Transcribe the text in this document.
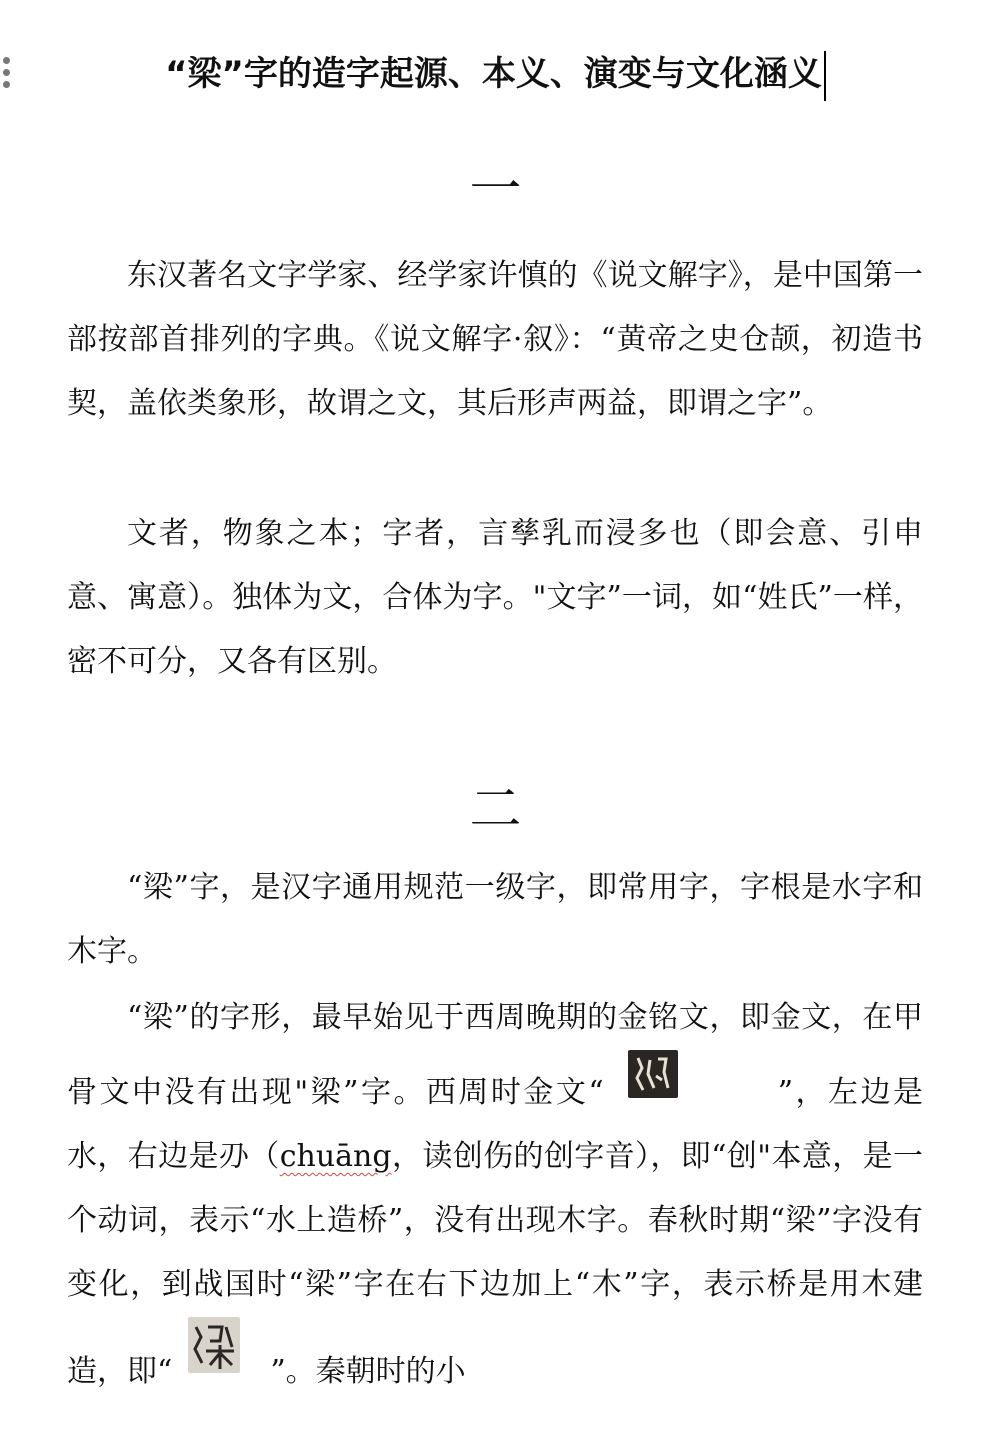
“梁”字的造字起源、本义、演变与文化涵义
一

东汉著名文字学家、经学家许慎的《说文解字》，是中国第一部按部首排列的字典。《说文解字·叙》：“黄帝之史仓颉，初造书契，盖依类象形，故谓之文，其后形声两益，即谓之字”。

文者，物象之本；字者，言孳乳而浸多也（即会意、引申意、寓意）。独体为文，合体为字。"文字”一词，如“姓氏”一样，密不可分，又各有区别。

二

“梁”字，是汉字通用规范一级字，即常用字，字根是水字和木字。

“梁”的字形，最早始见于西周晚期的金铭文，即金文，在甲骨文中没有出现"梁”字。西周时金文“	”，左边是水，右边是刅（chuāng，读创伤的创字音），即“创"本意，是一个动词，表示“水上造桥”，没有出现木字。春秋时期“梁”字没有变化，到战国时“梁”字在右下边加上“木”字，表示桥是用木建造，即“	”。秦朝时的小
